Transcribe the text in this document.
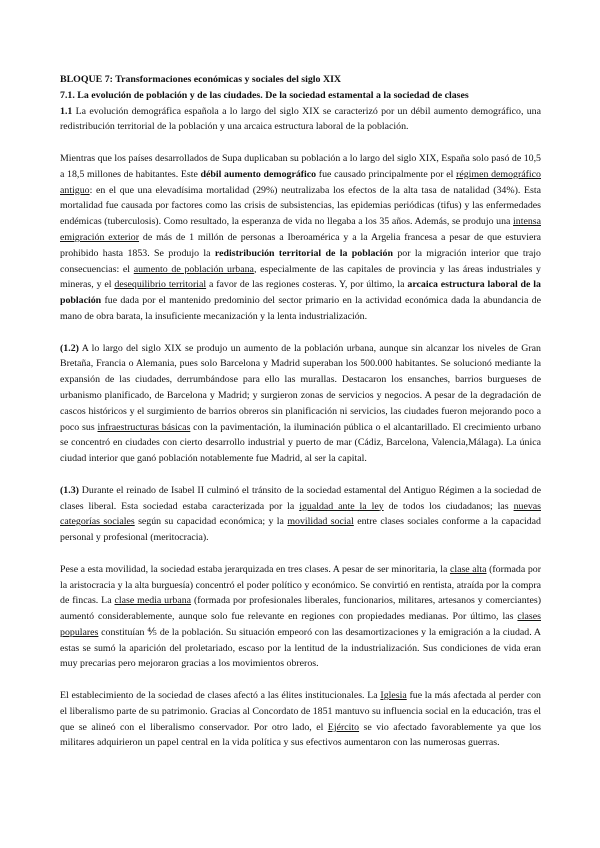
BLOQUE 7: Transformaciones económicas y sociales del siglo XIX

7.1. La evolución de población y de las ciudades. De la sociedad estamental a la sociedad de clases

1.1 La evolución demográfica española a lo largo del siglo XIX se caracterizó por un débil aumento demográfico, una redistribución territorial de la población y una arcaica estructura laboral de la población.

Mientras que los países desarrollados de Supa duplicaban su población a lo largo del siglo XIX, España solo pasó de 10,5 a 18,5 millones de habitantes. Este débil aumento demográfico fue causado principalmente por el régimen demográfico antiguo: en el que una elevadísima mortalidad (29%) neutralizaba los efectos de la alta tasa de natalidad (34%). Esta mortalidad fue causada por factores como las crisis de subsistencias, las epidemias periódicas (tifus) y las enfermedades endémicas (tuberculosis). Como resultado, la esperanza de vida no llegaba a los 35 años. Además, se produjo una intensa emigración exterior de más de 1 millón de personas a Iberoamérica y a la Argelia francesa a pesar de que estuviera prohibido hasta 1853. Se produjo la redistribución territorial de la población por la migración interior que trajo consecuencias: el aumento de población urbana, especialmente de las capitales de provincia y las áreas industriales y mineras, y el desequilibrio territorial a favor de las regiones costeras. Y, por último, la arcaica estructura laboral de la población fue dada por el mantenido predominio del sector primario en la actividad económica dada la abundancia de mano de obra barata, la insuficiente mecanización y la lenta industrialización.

(1.2) A lo largo del siglo XIX se produjo un aumento de la población urbana, aunque sin alcanzar los niveles de Gran Bretaña, Francia o Alemania, pues solo Barcelona y Madrid superaban los 500.000 habitantes. Se solucionó mediante la expansión de las ciudades, derrumbándose para ello las murallas. Destacaron los ensanches, barrios burgueses de urbanismo planificado, de Barcelona y Madrid; y surgieron zonas de servicios y negocios. A pesar de la degradación de cascos históricos y el surgimiento de barrios obreros sin planificación ni servicios, las ciudades fueron mejorando poco a poco sus infraestructuras básicas con la pavimentación, la iluminación pública o el alcantarillado. El crecimiento urbano se concentró en ciudades con cierto desarrollo industrial y puerto de mar (Cádiz, Barcelona, Valencia,Málaga). La única ciudad interior que ganó población notablemente fue Madrid, al ser la capital.

(1.3) Durante el reinado de Isabel II culminó el tránsito de la sociedad estamental del Antiguo Régimen a la sociedad de clases liberal. Esta sociedad estaba caracterizada por la igualdad ante la ley de todos los ciudadanos; las nuevas categorías sociales según su capacidad económica; y la movilidad social entre clases sociales conforme a la capacidad personal y profesional (meritocracia).

Pese a esta movilidad, la sociedad estaba jerarquizada en tres clases. A pesar de ser minoritaria, la clase alta (formada por la aristocracia y la alta burguesía) concentró el poder político y económico. Se convirtió en rentista, atraída por la compra de fincas. La clase media urbana (formada por profesionales liberales, funcionarios, militares, artesanos y comerciantes) aumentó considerablemente, aunque solo fue relevante en regiones con propiedades medianas. Por último, las clases populares constituían ⅘ de la población. Su situación empeoró con las desamortizaciones y la emigración a la ciudad. A estas se sumó la aparición del proletariado, escaso por la lentitud de la industrialización. Sus condiciones de vida eran muy precarias pero mejoraron gracias a los movimientos obreros.

El establecimiento de la sociedad de clases afectó a las élites institucionales. La Iglesia fue la más afectada al perder con el liberalismo parte de su patrimonio. Gracias al Concordato de 1851 mantuvo su influencia social en la educación, tras el que se alineó con el liberalismo conservador. Por otro lado, el Ejército se vio afectado favorablemente ya que los militares adquirieron un papel central en la vida política y sus efectivos aumentaron con las numerosas guerras.
